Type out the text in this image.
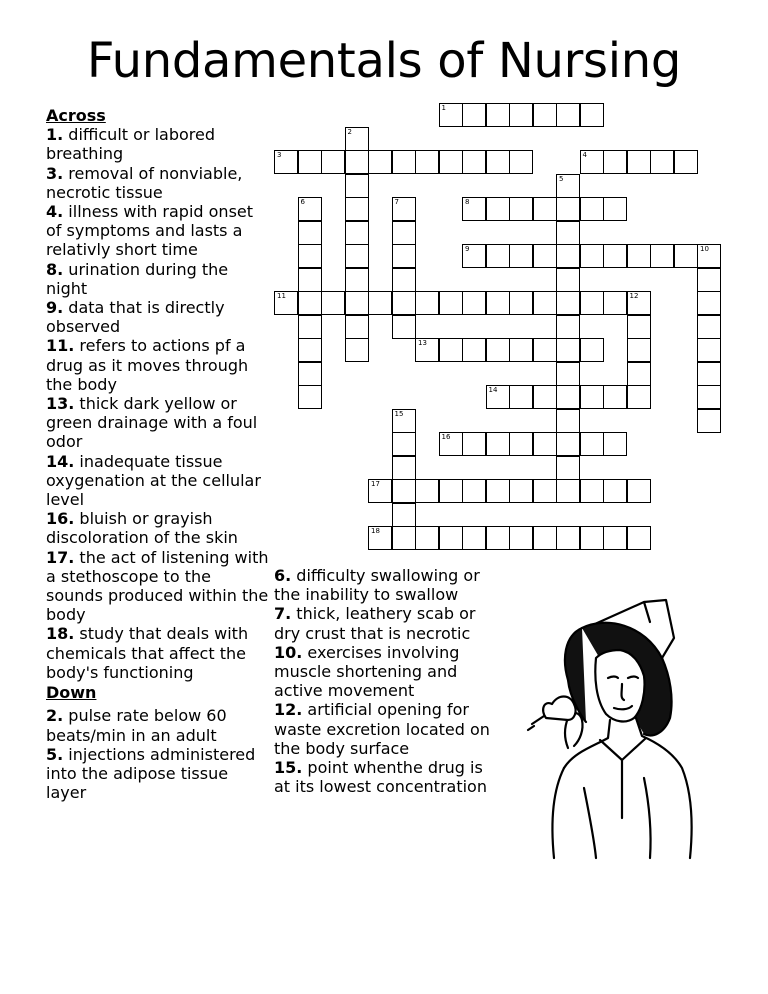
Fundamentals of Nursing
1
2
3	4
5
6	7	8
9	10
11	12
13
14
15
16
17
18
Across
1. difficult or labored breathing
3. removal of nonviable, necrotic tissue
4. illness with rapid onset of symptoms and lasts a relativly short time
8. urination during the night
9. data that is directly observed
11. refers to actions pf a drug as it moves through the body
13. thick dark yellow or green drainage with a foul odor
14. inadequate tissue oxygenation at the cellular level
16. bluish or grayish discoloration of the skin
17. the act of listening with a stethoscope to the sounds produced within the body
18. study that deals with chemicals that affect the body's functioning
Down
2. pulse rate below 60 beats/min in an adult
5. injections administered into the adipose tissue layer
6. difficulty swallowing or the inability to swallow
7. thick, leathery scab or dry crust that is necrotic
10. exercises involving muscle shortening and active movement
12. artificial opening for waste excretion located on the body surface
15. point whenthe drug is at its lowest concentration
